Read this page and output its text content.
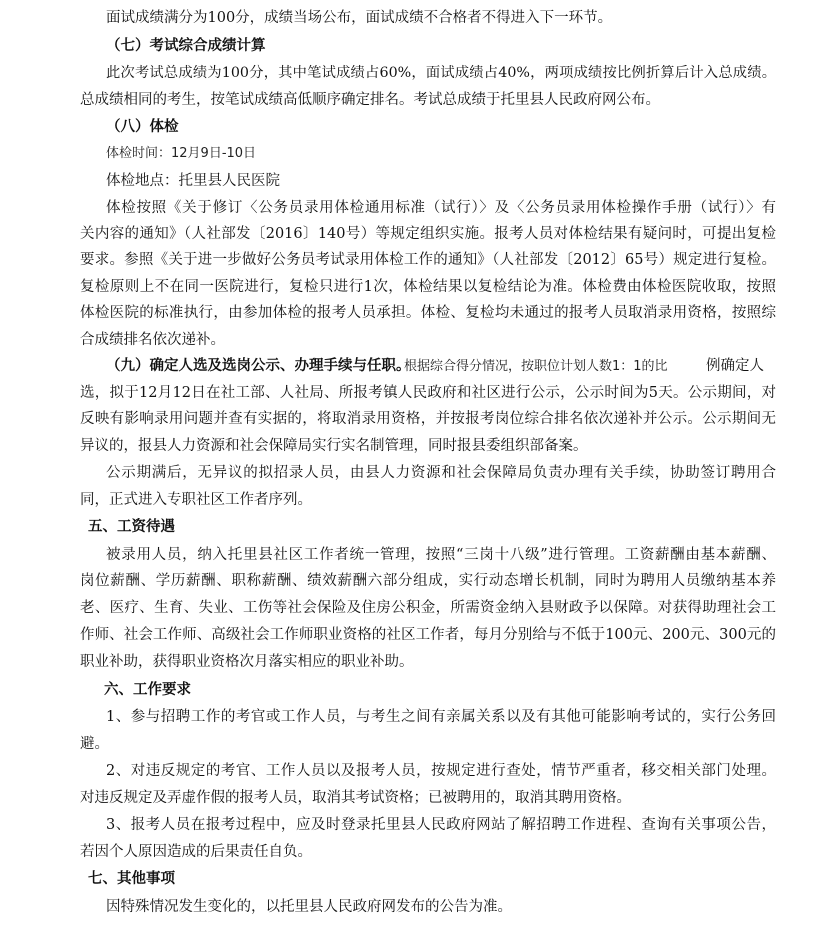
面试成绩满分为100分，成绩当场公布，面试成绩不合格者不得进入下一环节。
（七）考试综合成绩计算
此次考试总成绩为100分，其中笔试成绩占60%，面试成绩占40%，两项成绩按比例折算后计入总成绩。
总成绩相同的考生，按笔试成绩高低顺序确定排名。考试总成绩于托里县人民政府网公布。
（八）体检
体检时间：12月9日-10日
体检地点：托里县人民医院
体检按照《关于修订〈公务员录用体检通用标准（试行）〉及〈公务员录用体检操作手册（试行）〉有
关内容的通知》（人社部发〔2016〕140号）等规定组织实施。报考人员对体检结果有疑问时，可提出复检
要求。参照《关于进一步做好公务员考试录用体检工作的通知》（人社部发〔2012〕65号）规定进行复检。
复检原则上不在同一医院进行，复检只进行1次，体检结果以复检结论为准。体检费由体检医院收取，按照
体检医院的标准执行，由参加体检的报考人员承担。体检、复检均未通过的报考人员取消录用资格，按照综
合成绩排名依次递补。
（九）确定人选及选岗公示、办理手续与任职。
根据综合得分情况，按职位计划人数1：1的比	例确定人
选，拟于12月12日在社工部、人社局、所报考镇人民政府和社区进行公示，公示时间为5天。公示期间，对
反映有影响录用问题并查有实据的，将取消录用资格，并按报考岗位综合排名依次递补并公示。公示期间无
异议的，报县人力资源和社会保障局实行实名制管理，同时报县委组织部备案。
公示期满后，无异议的拟招录人员，由县人力资源和社会保障局负责办理有关手续，协助签订聘用合
同，正式进入专职社区工作者序列。
五、工资待遇
被录用人员，纳入托里县社区工作者统一管理，按照“三岗十八级”进行管理。工资薪酬由基本薪酬、
岗位薪酬、学历薪酬、职称薪酬、绩效薪酬六部分组成，实行动态增长机制，同时为聘用人员缴纳基本养
老、医疗、生育、失业、工伤等社会保险及住房公积金，所需资金纳入县财政予以保障。对获得助理社会工
作师、社会工作师、高级社会工作师职业资格的社区工作者，每月分别给与不低于100元、200元、300元的
职业补助，获得职业资格次月落实相应的职业补助。
六、工作要求
1、参与招聘工作的考官或工作人员，与考生之间有亲属关系以及有其他可能影响考试的，实行公务回
避。
2、对违反规定的考官、工作人员以及报考人员，按规定进行查处，情节严重者，移交相关部门处理。
对违反规定及弄虚作假的报考人员，取消其考试资格；已被聘用的，取消其聘用资格。
3、报考人员在报考过程中，应及时登录托里县人民政府网站了解招聘工作进程、查询有关事项公告，
若因个人原因造成的后果责任自负。
七、其他事项
因特殊情况发生变化的，以托里县人民政府网发布的公告为准。
